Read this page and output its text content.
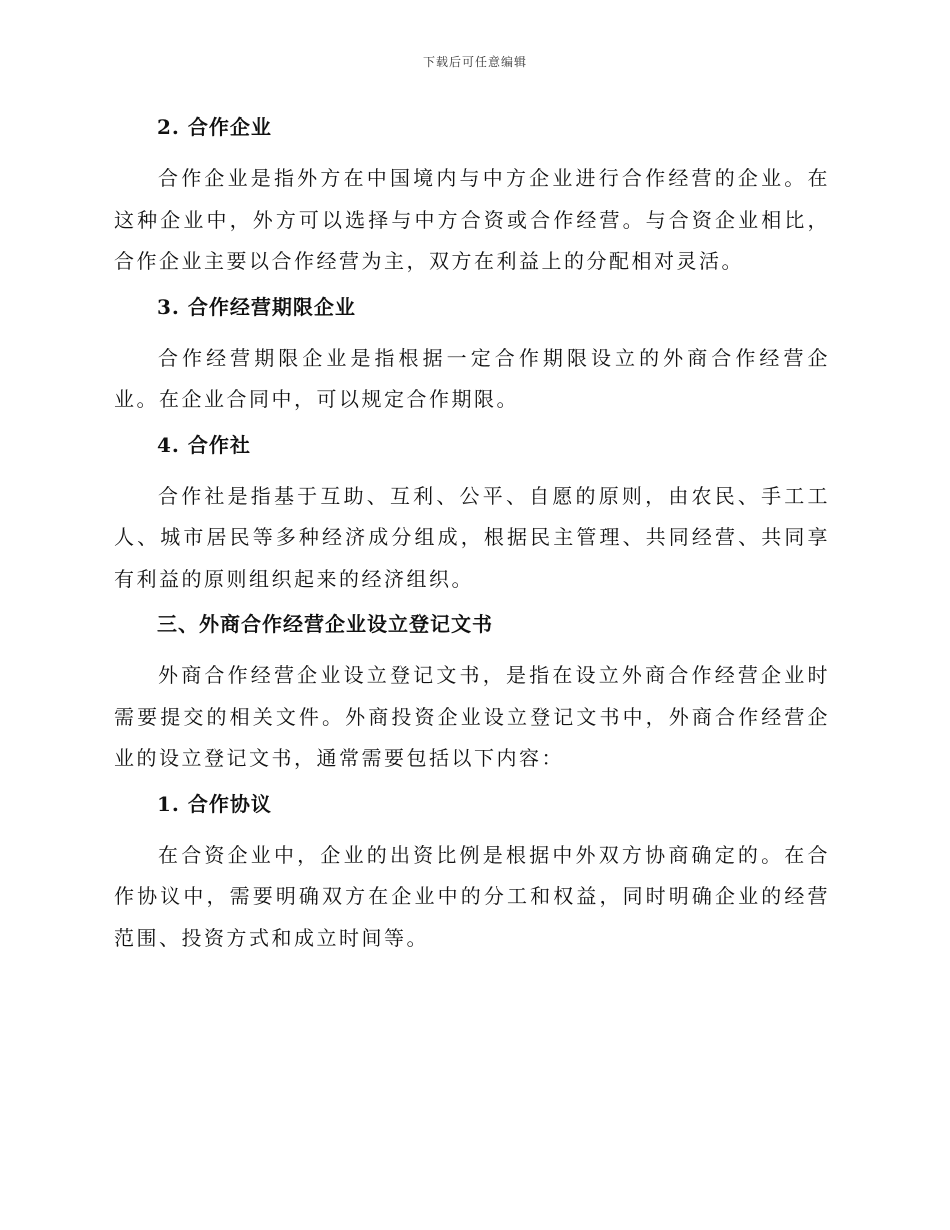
下载后可任意编辑
2. 合作企业

合作企业是指外方在中国境内与中方企业进行合作经营的企业。在这种企业中，外方可以选择与中方合资或合作经营。与合资企业相比，合作企业主要以合作经营为主，双方在利益上的分配相对灵活。

3. 合作经营期限企业

合作经营期限企业是指根据一定合作期限设立的外商合作经营企业。在企业合同中，可以规定合作期限。

4. 合作社

合作社是指基于互助、互利、公平、自愿的原则，由农民、手工工人、城市居民等多种经济成分组成，根据民主管理、共同经营、共同享有利益的原则组织起来的经济组织。

三、外商合作经营企业设立登记文书

外商合作经营企业设立登记文书，是指在设立外商合作经营企业时需要提交的相关文件。外商投资企业设立登记文书中，外商合作经营企业的设立登记文书，通常需要包括以下内容：

1. 合作协议

在合资企业中，企业的出资比例是根据中外双方协商确定的。在合作协议中，需要明确双方在企业中的分工和权益，同时明确企业的经营范围、投资方式和成立时间等。
